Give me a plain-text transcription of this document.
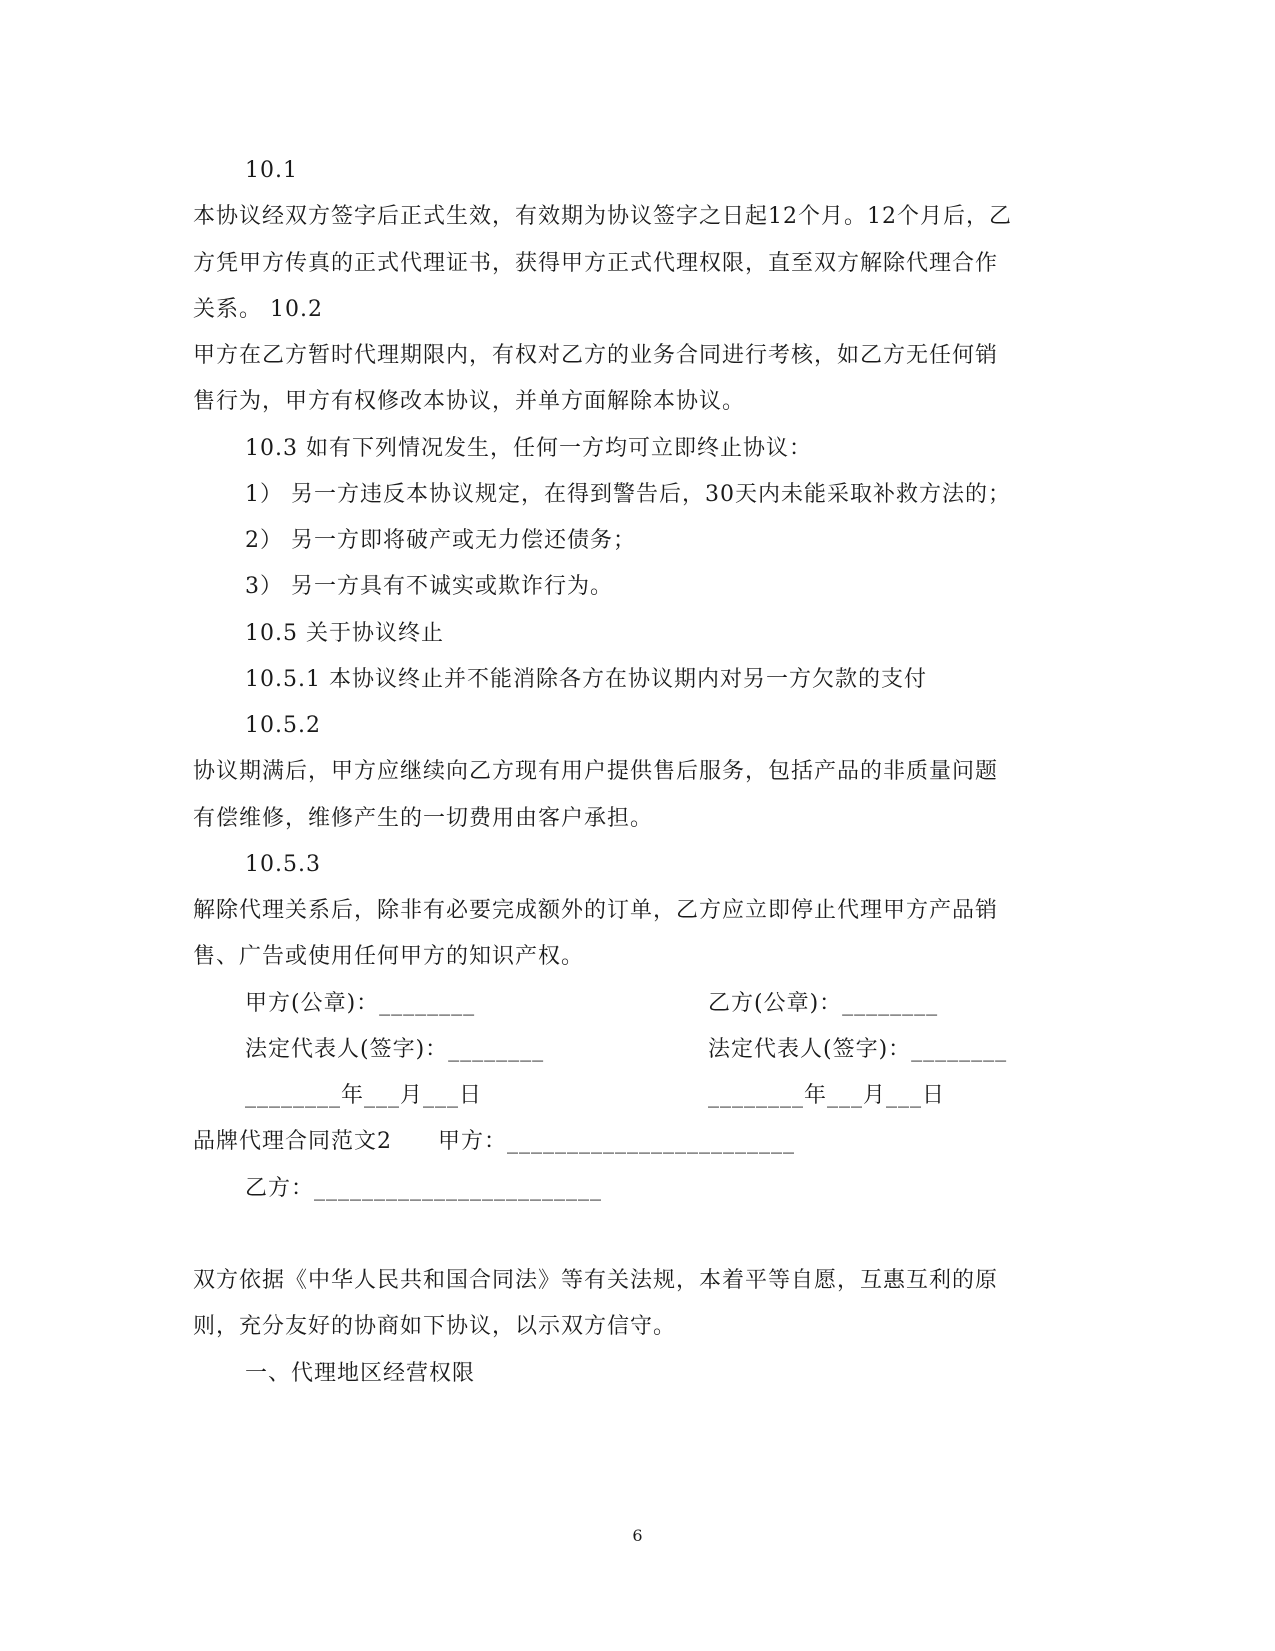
10.1
本协议经双方签字后正式生效，有效期为协议签字之日起12个月。12个月后，乙
方凭甲方传真的正式代理证书，获得甲方正式代理权限，直至双方解除代理合作
关系。 10.2
甲方在乙方暂时代理期限内，有权对乙方的业务合同进行考核，如乙方无任何销
售行为，甲方有权修改本协议，并单方面解除本协议。
10.3 如有下列情况发生，任何一方均可立即终止协议：
1） 另一方违反本协议规定，在得到警告后，30天内未能采取补救方法的；
2） 另一方即将破产或无力偿还债务；
3） 另一方具有不诚实或欺诈行为。
10.5 关于协议终止
10.5.1 本协议终止并不能消除各方在协议期内对另一方欠款的支付
10.5.2
协议期满后，甲方应继续向乙方现有用户提供售后服务，包括产品的非质量问题
有偿维修，维修产生的一切费用由客户承担。
10.5.3
解除代理关系后，除非有必要完成额外的订单，乙方应立即停止代理甲方产品销
售、广告或使用任何甲方的知识产权。
甲方(公章)：________	乙方(公章)：________
法定代表人(签字)：________	法定代表人(签字)：________
________年___月___日	________年___月___日
品牌代理合同范文2　　甲方：________________________
乙方：________________________
双方依据《中华人民共和国合同法》等有关法规，本着平等自愿，互惠互利的原
则，充分友好的协商如下协议，以示双方信守。
一、代理地区经营权限
6
